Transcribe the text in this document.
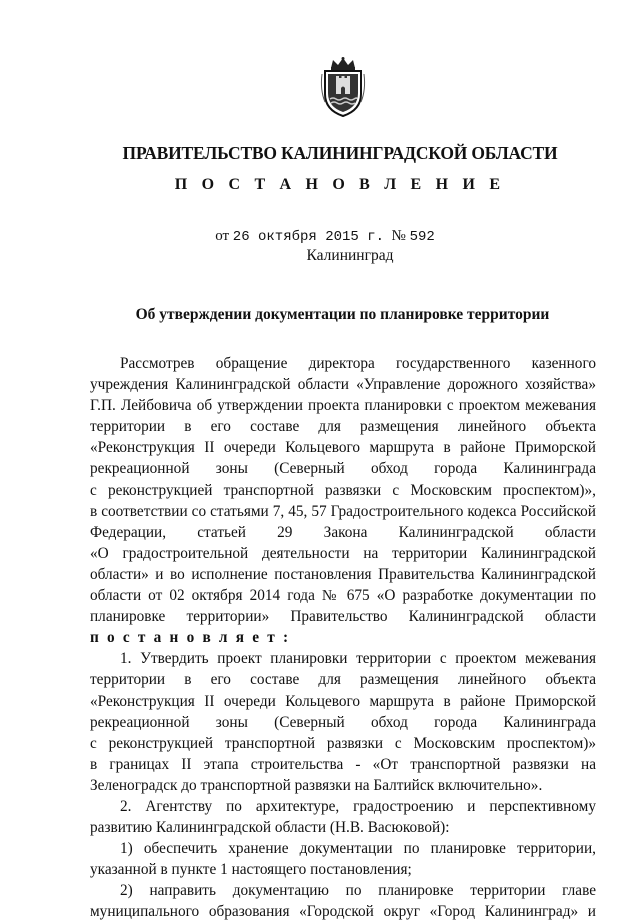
ПРАВИТЕЛЬСТВО КАЛИНИНГРАДСКОЙ ОБЛАСТИ
П О С Т А Н О В Л Е Н И Е
от 26 октября 2015 г. № 592
Калининград
Об утверждении документации по планировке территории

Рассмотрев обращение директора государственного казенного

учреждения Калининградской области «Управление дорожного хозяйства»

Г.П. Лейбовича об утверждении проекта планировки с проектом межевания

территории в его составе для размещения линейного объекта

«Реконструкция II очереди Кольцевого маршрута в районе Приморской

рекреационной зоны (Северный обход города Калининграда

с реконструкцией транспортной развязки с Московским проспектом)»,

в соответствии со статьями 7, 45, 57 Градостроительного кодекса Российской

Федерации, статьей 29 Закона Калининградской области

«О градостроительной деятельности на территории Калининградской

области» и во исполнение постановления Правительства Калининградской

области от 02 октября 2014 года № 675 «О разработке документации по

планировке территории» Правительство Калининградской области

п о с т а н о в л я е т :

1. Утвердить проект планировки территории с проектом межевания

территории в его составе для размещения линейного объекта

«Реконструкция II очереди Кольцевого маршрута в районе Приморской

рекреационной зоны (Северный обход города Калининграда

с реконструкцией транспортной развязки с Московским проспектом)»

в границах II этапа строительства - «От транспортной развязки на

Зеленоградск до транспортной развязки на Балтийск включительно».

2. Агентству по архитектуре, градостроению и перспективному

развитию Калининградской области (Н.В. Васюковой):

1) обеспечить хранение документации по планировке территории,

указанной в пункте 1 настоящего постановления;

2) направить документацию по планировке территории главе

муниципального образования «Городской округ «Город Калининград» и
